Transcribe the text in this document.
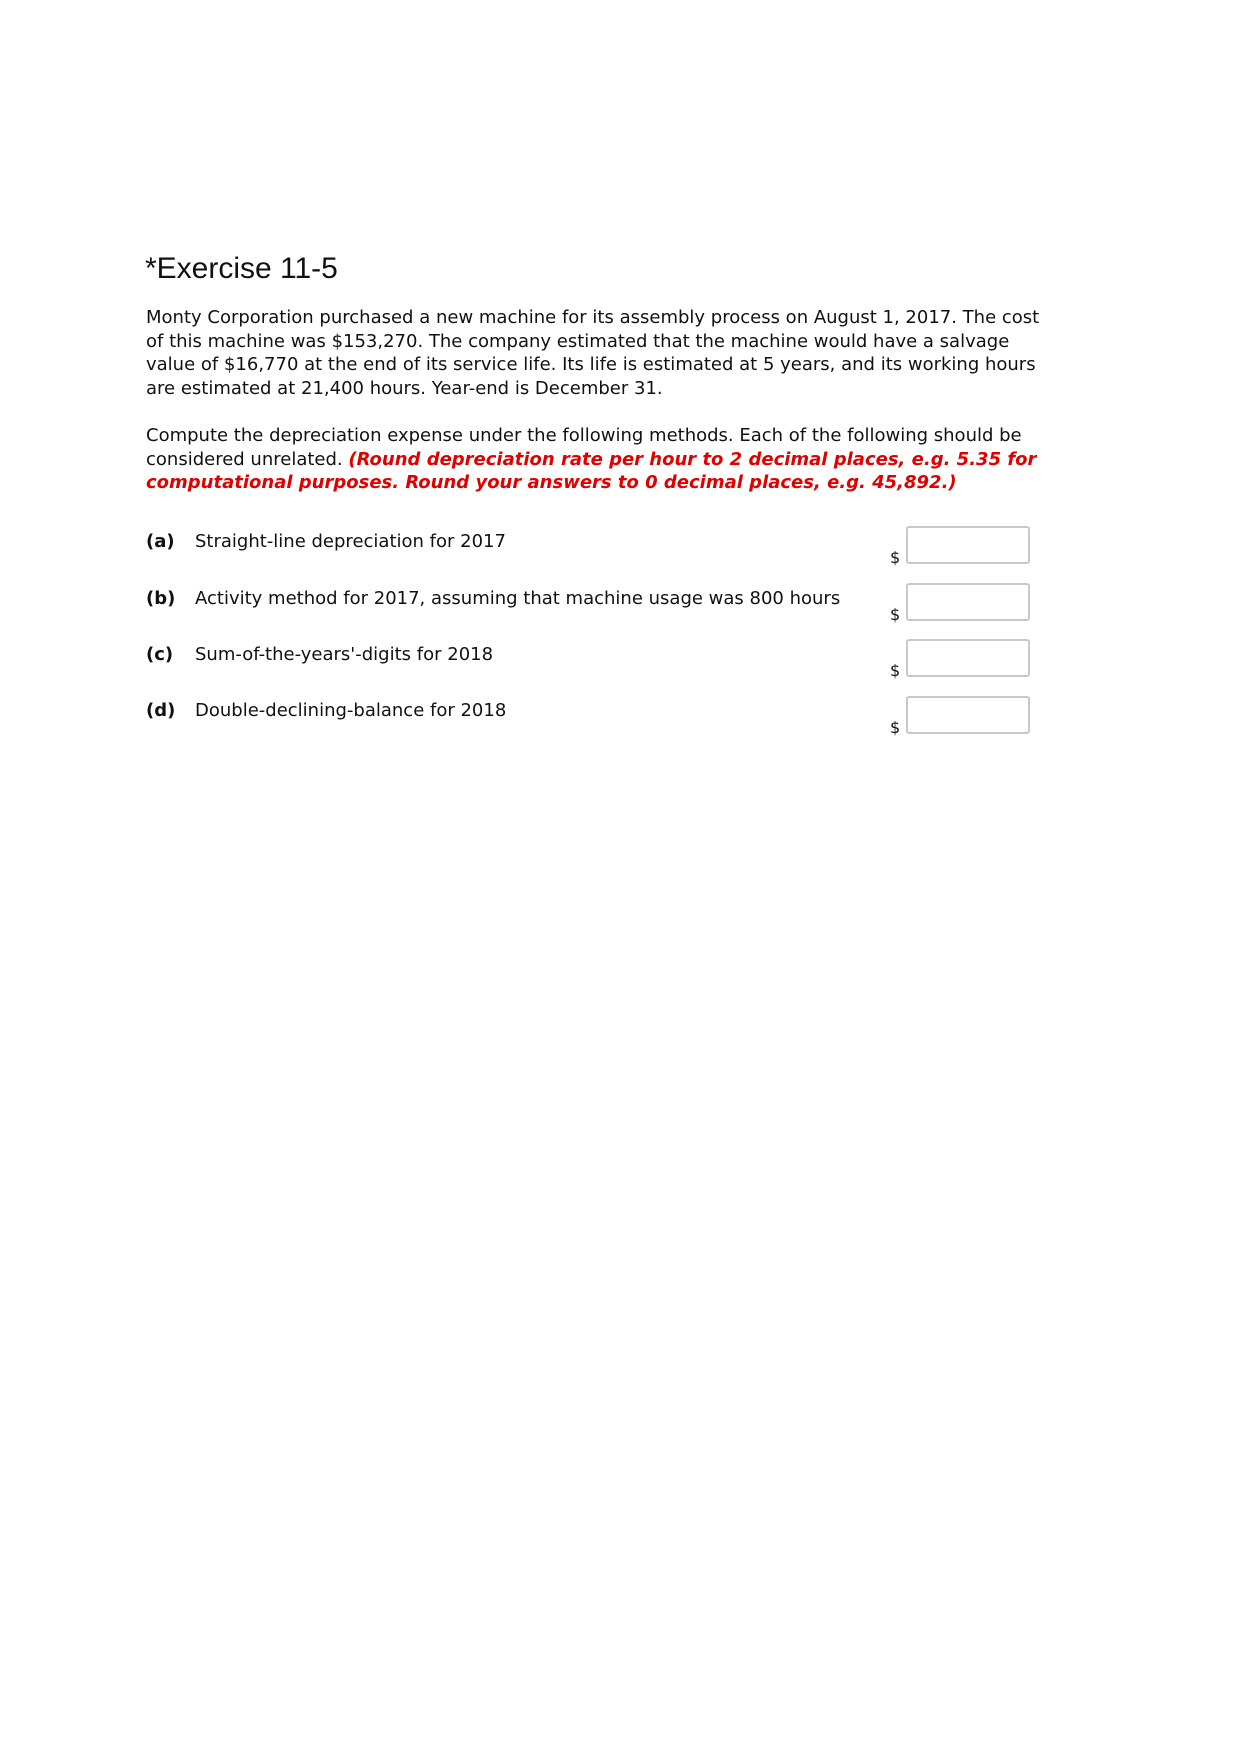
*Exercise 11-5
Monty Corporation purchased a new machine for its assembly process on August 1, 2017. The cost
of this machine was $153,270. The company estimated that the machine would have a salvage
value of $16,770 at the end of its service life. Its life is estimated at 5 years, and its working hours
are estimated at 21,400 hours. Year-end is December 31.
Compute the depreciation expense under the following methods. Each of the following should be
considered unrelated. (Round depreciation rate per hour to 2 decimal places, e.g. 5.35 for
computational purposes. Round your answers to 0 decimal places, e.g. 45,892.)
(a) Straight-line depreciation for 2017
$
(b) Activity method for 2017, assuming that machine usage was 800 hours
$
(c) Sum-of-the-years'-digits for 2018
$
(d) Double-declining-balance for 2018
$
